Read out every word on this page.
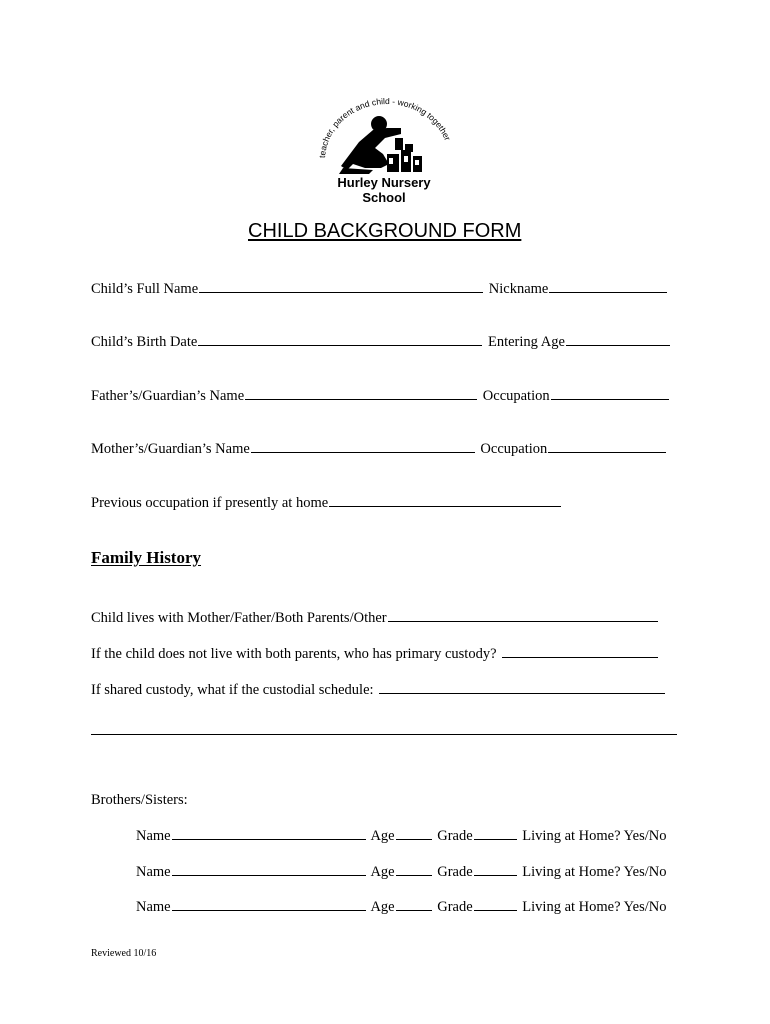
teacher, parent and child - working together
Hurley Nursery
School
CHILD BACKGROUND FORM
Child’s Full Name	Nickname
Child’s Birth Date	Entering Age
Father’s/Guardian’s Name	Occupation
Mother’s/Guardian’s Name	Occupation
Previous occupation if presently at home
Family History
Child lives with Mother/Father/Both Parents/Other
If the child does not live with both parents, who has primary custody?
If shared custody, what if the custodial schedule:
Brothers/Sisters:
Name	Age	Grade	Living at Home? Yes/No
Name	Age	Grade	Living at Home? Yes/No
Name	Age	Grade	Living at Home? Yes/No
Reviewed 10/16
